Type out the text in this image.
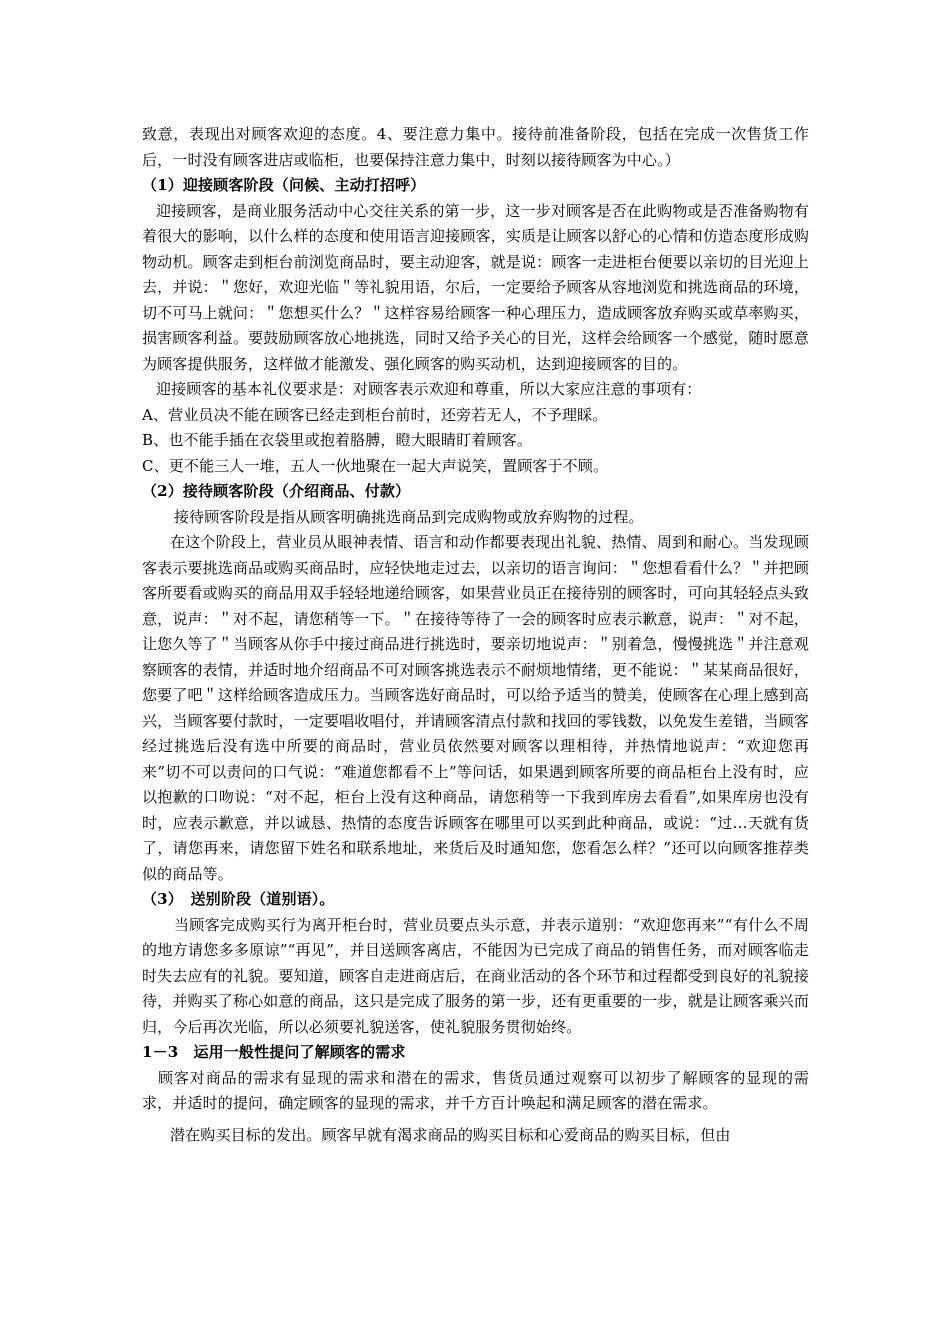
致意，表现出对顾客欢迎的态度。4、要注意力集中。接待前准备阶段，包括在完成一次售货工作后，一时没有顾客进店或临柜，也要保持注意力集中，时刻以接待顾客为中心。）

（1）迎接顾客阶段（问候、主动打招呼）

迎接顾客，是商业服务活动中心交往关系的第一步，这一步对顾客是否在此购物或是否准备购物有着很大的影响，以什么样的态度和使用语言迎接顾客，实质是让顾客以舒心的心情和仿造态度形成购物动机。顾客走到柜台前浏览商品时，要主动迎客，就是说：顾客一走进柜台便要以亲切的目光迎上去，并说：＂您好，欢迎光临＂等礼貌用语，尔后，一定要给予顾客从容地浏览和挑选商品的环境，切不可马上就问：＂您想买什么？＂这样容易给顾客一种心理压力，造成顾客放弃购买或草率购买，损害顾客利益。要鼓励顾客放心地挑选，同时又给予关心的目光，这样会给顾客一个感觉，随时愿意为顾客提供服务，这样做才能激发、强化顾客的购买动机，达到迎接顾客的目的。

迎接顾客的基本礼仪要求是：对顾客表示欢迎和尊重，所以大家应注意的事项有：

A、营业员决不能在顾客已经走到柜台前时，还旁若无人，不予理睬。

B、也不能手插在衣袋里或抱着胳膊，瞪大眼睛盯着顾客。

C、更不能三人一堆，五人一伙地聚在一起大声说笑，置顾客于不顾。

（2）接待顾客阶段（介绍商品、付款）

接待顾客阶段是指从顾客明确挑选商品到完成购物或放弃购物的过程。

在这个阶段上，营业员从眼神表情、语言和动作都要表现出礼貌、热情、周到和耐心。当发现顾客表示要挑选商品或购买商品时，应轻快地走过去，以亲切的语言询问：＂您想看看什么？＂并把顾客所要看或购买的商品用双手轻轻地递给顾客，如果营业员正在接待别的顾客时，可向其轻轻点头致意，说声：＂对不起，请您稍等一下。＂在接待等待了一会的顾客时应表示歉意，说声：＂对不起，让您久等了＂当顾客从你手中接过商品进行挑选时，要亲切地说声：＂别着急，慢慢挑选＂并注意观察顾客的表情，并适时地介绍商品不可对顾客挑选表示不耐烦地情绪，更不能说：＂某某商品很好，您要了吧＂这样给顾客造成压力。当顾客选好商品时，可以给予适当的赞美，使顾客在心理上感到高兴，当顾客要付款时，一定要唱收唱付，并请顾客清点付款和找回的零钱数，以免发生差错，当顾客经过挑选后没有选中所要的商品时，营业员依然要对顾客以理相待，并热情地说声：“欢迎您再来”切不可以责问的口气说：“难道您都看不上”等问话，如果遇到顾客所要的商品柜台上没有时，应以抱歉的口吻说：“对不起，柜台上没有这种商品，请您稍等一下我到库房去看看”,如果库房也没有时，应表示歉意，并以诚恳、热情的态度告诉顾客在哪里可以买到此种商品，或说：“过…天就有货了，请您再来，请您留下姓名和联系地址，来货后及时通知您，您看怎么样？”还可以向顾客推荐类似的商品等。

（3）　送别阶段（道别语）。

当顾客完成购买行为离开柜台时，营业员要点头示意，并表示道别：“欢迎您再来”“有什么不周的地方请您多多原谅”“再见”，并目送顾客离店，不能因为已完成了商品的销售任务，而对顾客临走时失去应有的礼貌。要知道，顾客自走进商店后，在商业活动的各个环节和过程都受到良好的礼貌接待，并购买了称心如意的商品，这只是完成了服务的第一步，还有更重要的一步，就是让顾客乘兴而归，今后再次光临，所以必须要礼貌送客，使礼貌服务贯彻始终。

1－3　运用一般性提问了解顾客的需求

顾客对商品的需求有显现的需求和潜在的需求，售货员通过观察可以初步了解顾客的显现的需求，并适时的提问，确定顾客的显现的需求，并千方百计唤起和满足顾客的潜在需求。

潜在购买目标的发出。顾客早就有渴求商品的购买目标和心爱商品的购买目标，但由
